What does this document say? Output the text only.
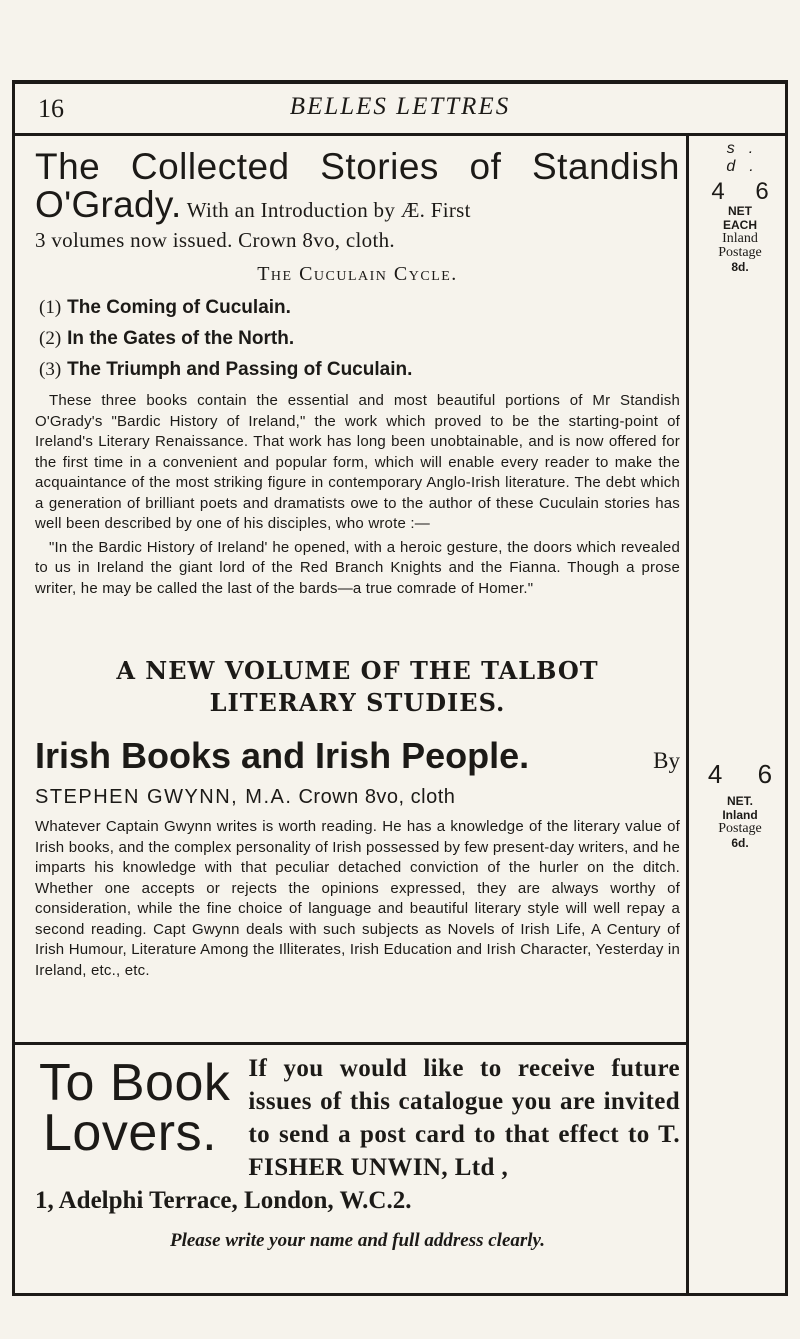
16	BELLES LETTRES

The Collected Stories of Standish

O'Grady. With an Introduction by Æ. First

3 volumes now issued. Crown 8vo, cloth.

The Cuculain Cycle.
(1) The Coming of Cuculain.
(2) In the Gates of the North.
(3) The Triumph and Passing of Cuculain.

These three books contain the essential and most beautiful portions of Mr Standish O'Grady's "Bardic History of Ireland," the work which proved to be the starting-point of Ireland's Literary Renaissance. That work has long been unobtainable, and is now offered for the first time in a convenient and popular form, which will enable every reader to make the acquaintance of the most striking figure in contemporary Anglo-Irish literature. The debt which a generation of brilliant poets and dramatists owe to the author of these Cuculain stories has well been described by one of his disciples, who wrote :—

"In the Bardic History of Ireland' he opened, with a heroic gesture, the doors which revealed to us in Ireland the giant lord of the Red Branch Knights and the Fianna. Though a prose writer, he may be called the last of the bards—a true comrade of Homer."

s. d.
4 6
NET
EACH
Inland
Postage
8d.
A NEW VOLUME OF THE TALBOT
LITERARY STUDIES.

Irish Books and Irish People.	By

STEPHEN GWYNN, M.A. Crown 8vo, cloth

Whatever Captain Gwynn writes is worth reading. He has a knowledge of the literary value of Irish books, and the complex personality of Irish possessed by few present-day writers, and he imparts his knowledge with that peculiar detached conviction of the hurler on the ditch. Whether one accepts or rejects the opinions expressed, they are always worthy of consideration, while the fine choice of language and beautiful literary style will well repay a second reading. Capt Gwynn deals with such subjects as Novels of Irish Life, A Century of Irish Humour, Literature Among the Illiterates, Irish Education and Irish Character, Yesterday in Ireland, etc., etc.

4 6
NET.
Inland
Postage
6d.
To Book
Lovers.

If you would like to receive future issues of this catalogue you are invited to send a post card to that effect to T. FISHER UNWIN, Ltd ,

1, Adelphi Terrace, London, W.C.2.

Please write your name and full address clearly.
